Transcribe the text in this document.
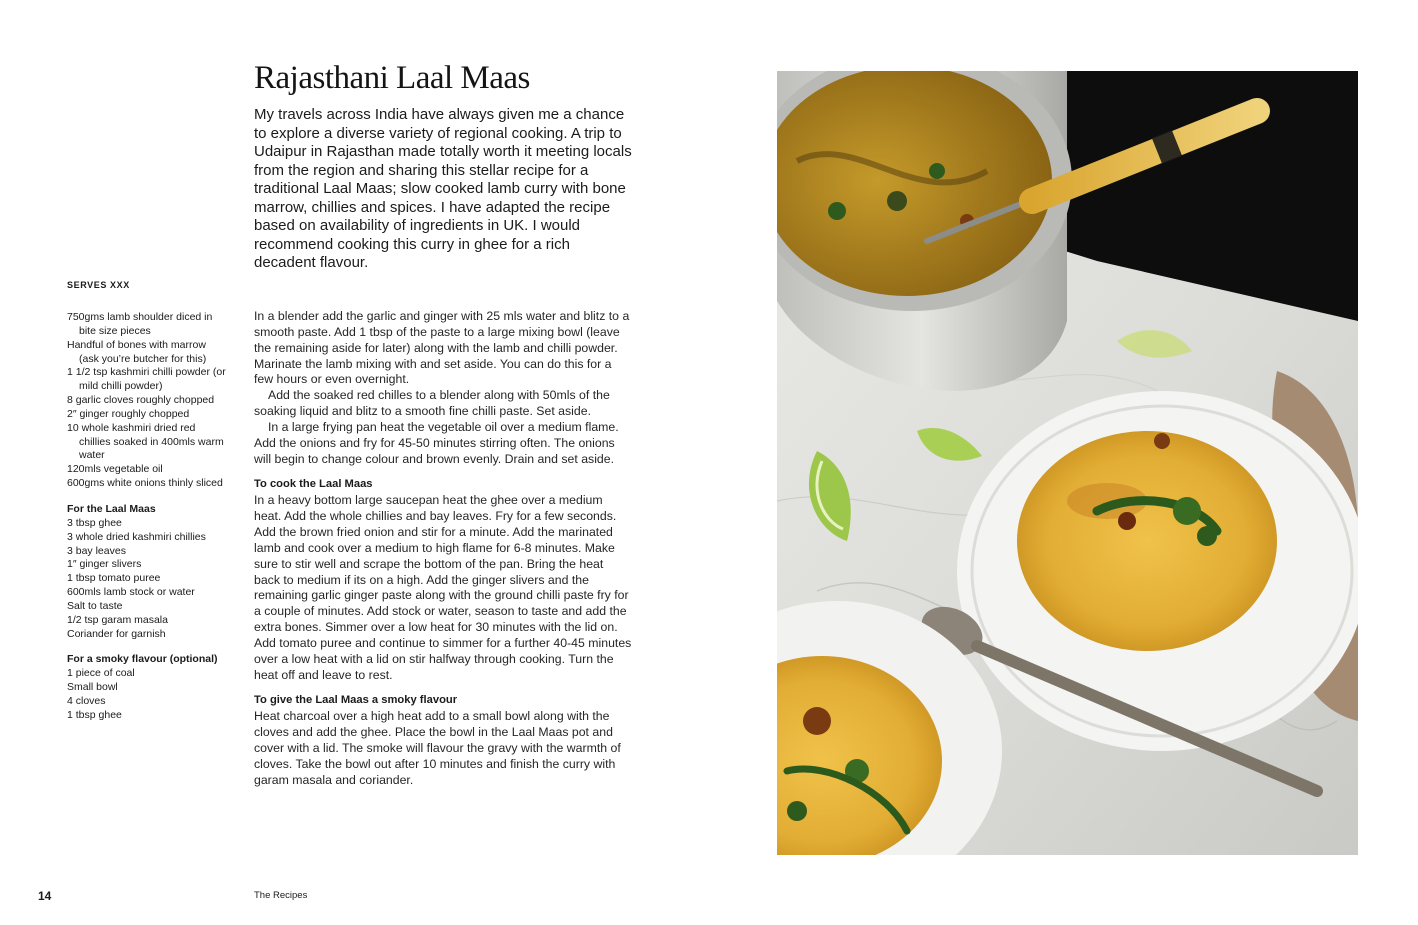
Rajasthani Laal Maas
My travels across India have always given me a chance to explore a diverse variety of regional cooking. A trip to Udaipur in Rajasthan made totally worth it meeting locals from the region and sharing this stellar recipe for a traditional Laal Maas; slow cooked lamb curry with bone marrow, chillies and spices. I have adapted the recipe based on availability of ingredients in UK. I would recommend cooking this curry in ghee for a rich decadent flavour.
SERVES XXX
750gms lamb shoulder diced in bite size pieces
Handful of bones with marrow (ask you’re butcher for this)
1 1/2 tsp kashmiri chilli powder (or mild chilli powder)
8 garlic cloves roughly chopped
2″ ginger roughly chopped
10 whole kashmiri dried red chillies soaked in 400mls warm water
120mls vegetable oil
600gms white onions thinly sliced
For the Laal Maas
3 tbsp ghee
3 whole dried kashmiri chillies
3 bay leaves
1″ ginger slivers
1 tbsp tomato puree
600mls lamb stock or water
Salt to taste
1/2 tsp garam masala
Coriander for garnish
For a smoky flavour (optional)
1 piece of coal
Small bowl
4 cloves
1 tbsp ghee

In a blender add the garlic and ginger with 25 mls water and blitz to a smooth paste. Add 1 tbsp of the paste to a large mixing bowl (leave the remaining aside for later) along with the lamb and chilli powder. Marinate the lamb mixing with and set aside. You can do this for a few hours or even overnight.

Add the soaked red chilles to a blender along with 50mls of the soaking liquid and blitz to a smooth fine chilli paste. Set aside.

In a large frying pan heat the vegetable oil over a medium flame. Add the onions and fry for 45-50 minutes stirring often. The onions will begin to change colour and brown evenly. Drain and set aside.

To cook the Laal Maas

In a heavy bottom large saucepan heat the ghee over a medium heat. Add the whole chillies and bay leaves. Fry for a few seconds. Add the brown fried onion and stir for a minute. Add the marinated lamb and cook over a medium to high flame for 6-8 minutes. Make sure to stir well and scrape the bottom of the pan. Bring the heat back to medium if its on a high. Add the ginger slivers and the remaining garlic ginger paste along with the ground chilli paste fry for a couple of minutes. Add stock or water, season to taste and add the extra bones. Simmer over a low heat for 30 minutes with the lid on. Add tomato puree and continue to simmer for a further 40-45 minutes over a low heat with a lid on stir halfway through cooking. Turn the heat off and leave to rest.

To give the Laal Maas a smoky flavour

Heat charcoal over a high heat add to a small bowl along with the cloves and add the ghee. Place the bowl in the Laal Maas pot and cover with a lid. The smoke will flavour the gravy with the warmth of cloves. Take the bowl out after 10 minutes and finish the curry with garam masala and coriander.

14	The Recipes
